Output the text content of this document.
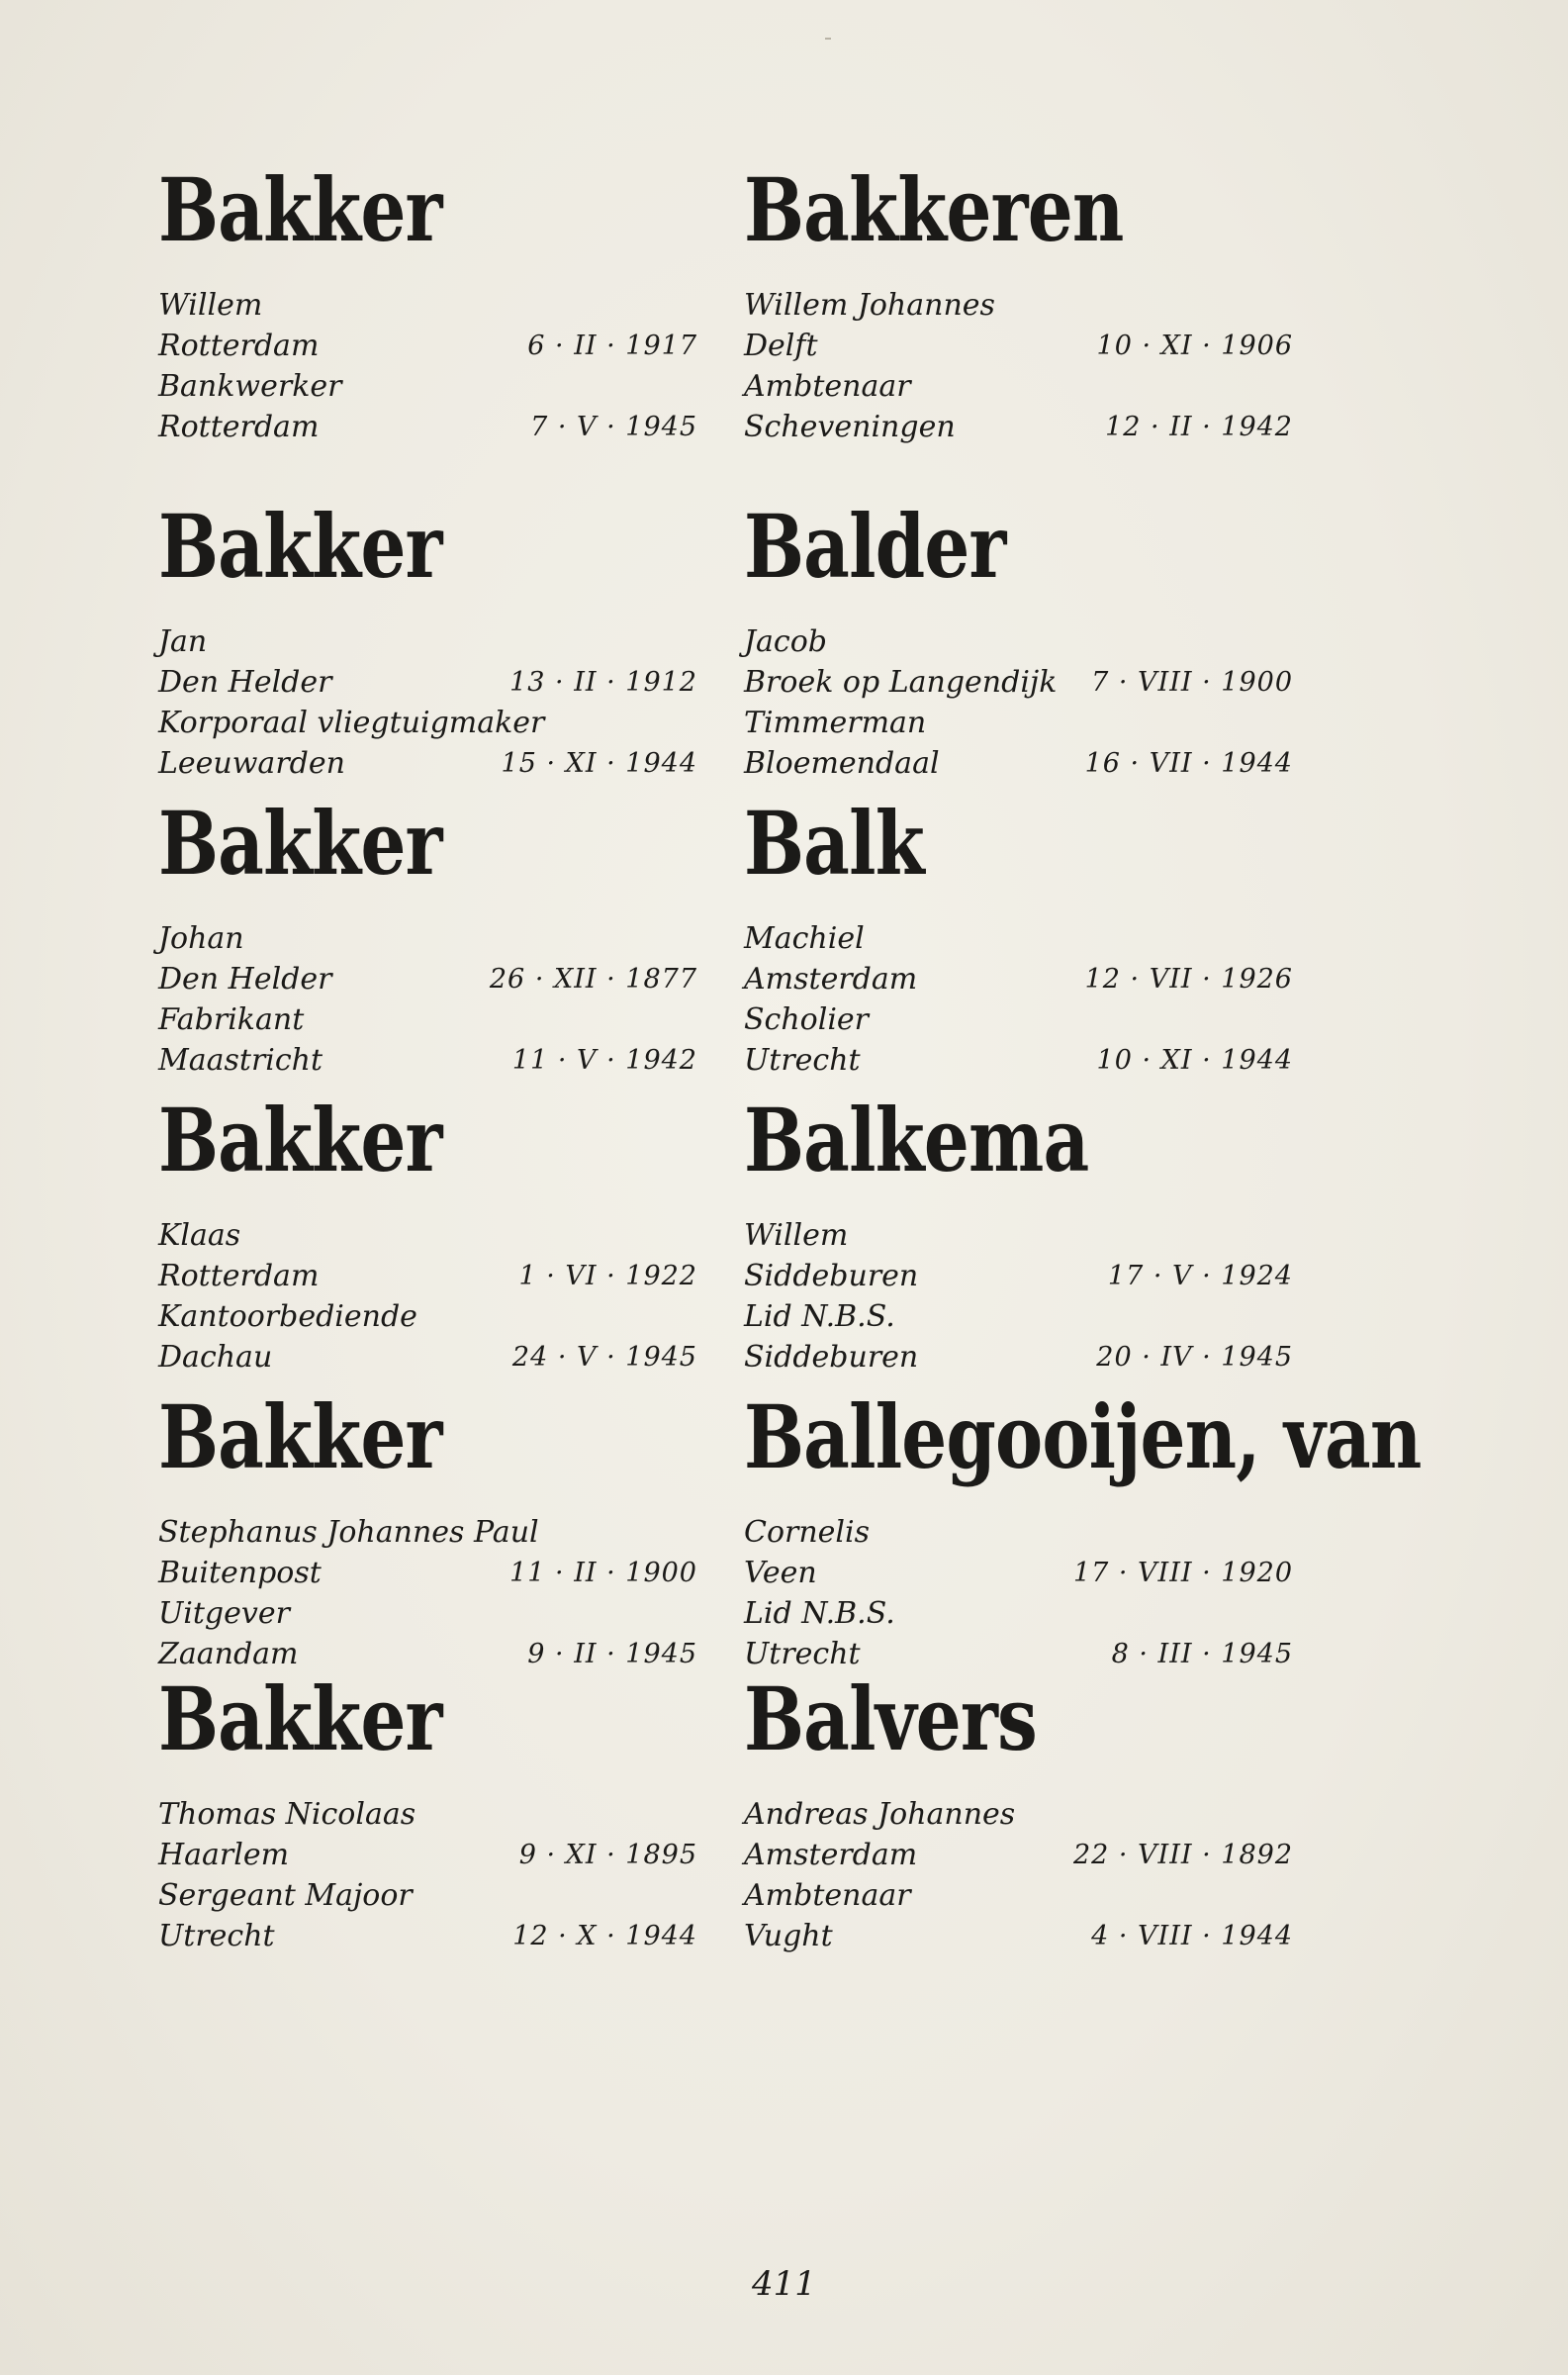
Bakker
Willem
Rotterdam	6 · II · 1917
Bankwerker
Rotterdam	7 · V · 1945
Bakker
Jan
Den Helder	13 · II · 1912
Korporaal vliegtuigmaker
Leeuwarden	15 · XI · 1944
Bakker
Johan
Den Helder	26 · XII · 1877
Fabrikant
Maastricht	11 · V · 1942
Bakker
Klaas
Rotterdam	1 · VI · 1922
Kantoorbediende
Dachau	24 · V · 1945
Bakker
Stephanus Johannes Paul
Buitenpost	11 · II · 1900
Uitgever
Zaandam	9 · II · 1945
Bakker
Thomas Nicolaas
Haarlem	9 · XI · 1895
Sergeant Majoor
Utrecht	12 · X · 1944
Bakkeren
Willem Johannes
Delft	10 · XI · 1906
Ambtenaar
Scheveningen	12 · II · 1942
Balder
Jacob
Broek op Langendijk 7 · VIII · 1900
Timmerman
Bloemendaal	16 · VII · 1944
Balk
Machiel
Amsterdam	12 · VII · 1926
Scholier
Utrecht	10 · XI · 1944
Balkema
Willem
Siddeburen	17 · V · 1924
Lid N.B.S.
Siddeburen	20 · IV · 1945
Ballegooijen, van
Cornelis
Veen	17 · VIII · 1920
Lid N.B.S.
Utrecht	8 · III · 1945
Balvers
Andreas Johannes
Amsterdam	22 · VIII · 1892
Ambtenaar
Vught	4 · VIII · 1944
411
